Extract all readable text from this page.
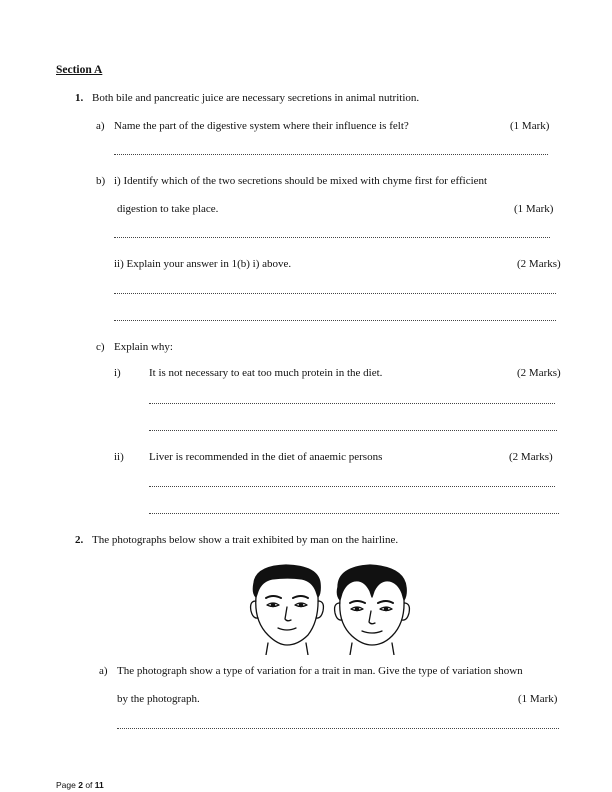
Section A
1. Both bile and pancreatic juice are necessary secretions in animal nutrition.
a) Name the part of the digestive system where their influence is felt?	(1 Mark)
b) i) Identify which of the two secretions should be mixed with chyme first for efficient
digestion to take place.	(1 Mark)
ii) Explain your answer in 1(b) i) above.	(2 Marks)
c) Explain why:
i)	It is not necessary to eat too much protein in the diet.	(2 Marks)
ii) Liver is recommended in the diet of anaemic persons	(2 Marks)
2. The photographs below show a trait exhibited by man on the hairline.
a) The photograph show a type of variation for a trait in man. Give the type of variation shown
by the photograph.	(1 Mark)
Page 2 of 11
